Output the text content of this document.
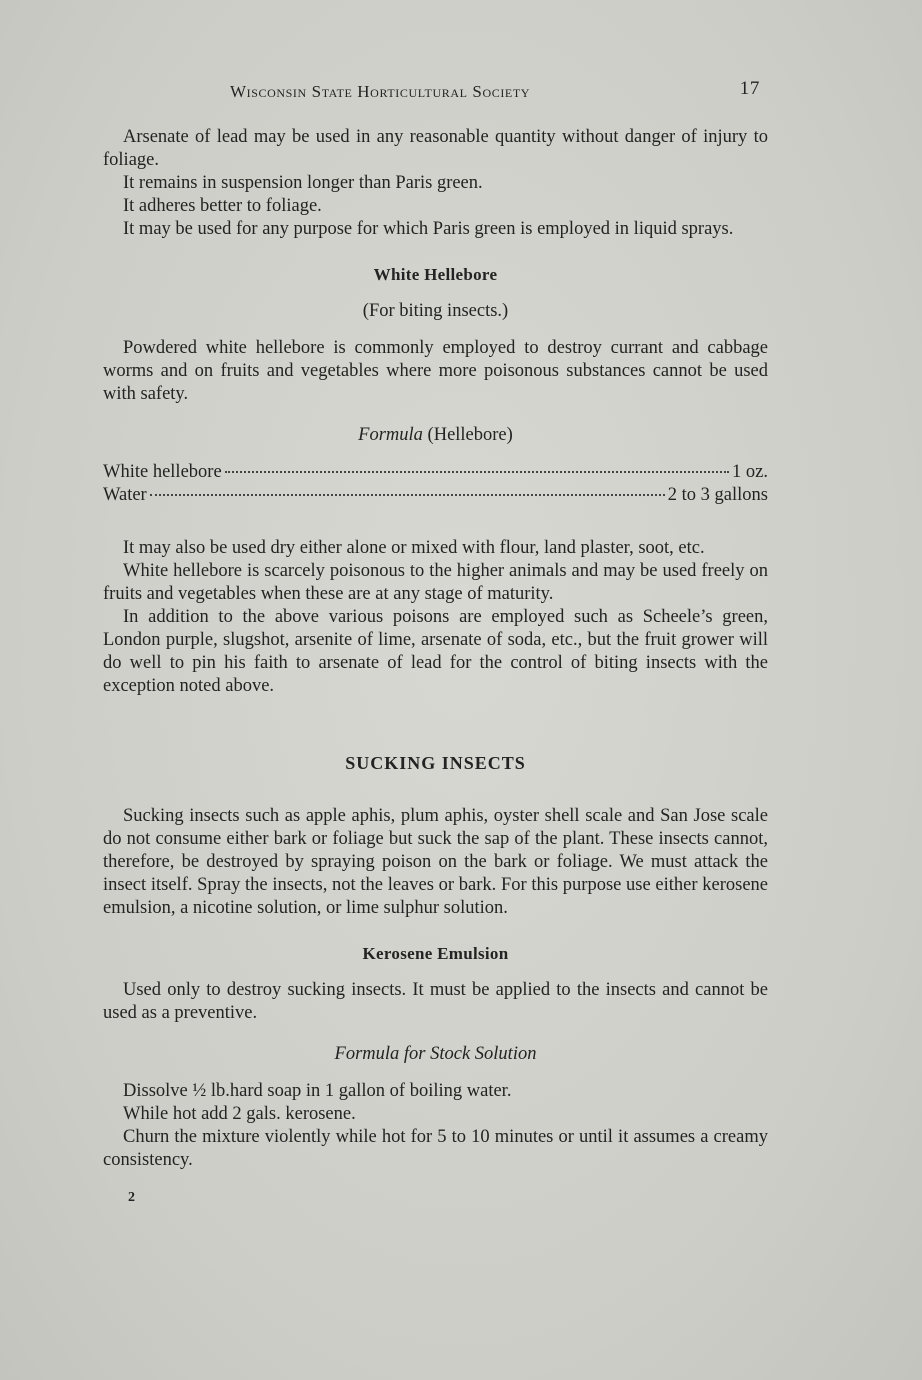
Wisconsin State Horticultural Society	17

Arsenate of lead may be used in any reasonable quantity without danger of injury to foliage.

It remains in suspension longer than Paris green.

It adheres better to foliage.

It may be used for any purpose for which Paris green is employed in liquid sprays.

White Hellebore

(For biting insects.)

Powdered white hellebore is commonly employed to destroy currant and cabbage worms and on fruits and vegetables where more poisonous substances cannot be used with safety.

Formula (Hellebore)

White hellebore	1 oz.
Water	2 to 3 gallons

It may also be used dry either alone or mixed with flour, land plaster, soot, etc.

White hellebore is scarcely poisonous to the higher animals and may be used freely on fruits and vegetables when these are at any stage of maturity.

In addition to the above various poisons are employed such as Scheele’s green, London purple, slugshot, arsenite of lime, arsenate of soda, etc., but the fruit grower will do well to pin his faith to arsenate of lead for the control of biting insects with the exception noted above.

SUCKING INSECTS

Sucking insects such as apple aphis, plum aphis, oyster shell scale and San Jose scale do not consume either bark or foliage but suck the sap of the plant. These insects cannot, therefore, be destroyed by spraying poison on the bark or foliage. We must attack the insect itself. Spray the insects, not the leaves or bark. For this purpose use either kerosene emulsion, a nicotine solution, or lime sulphur solution.

Kerosene Emulsion

Used only to destroy sucking insects. It must be applied to the insects and cannot be used as a preventive.

Formula for Stock Solution

Dissolve ½ lb.hard soap in 1 gallon of boiling water.

While hot add 2 gals. kerosene.

Churn the mixture violently while hot for 5 to 10 minutes or until it assumes a creamy consistency.

2
